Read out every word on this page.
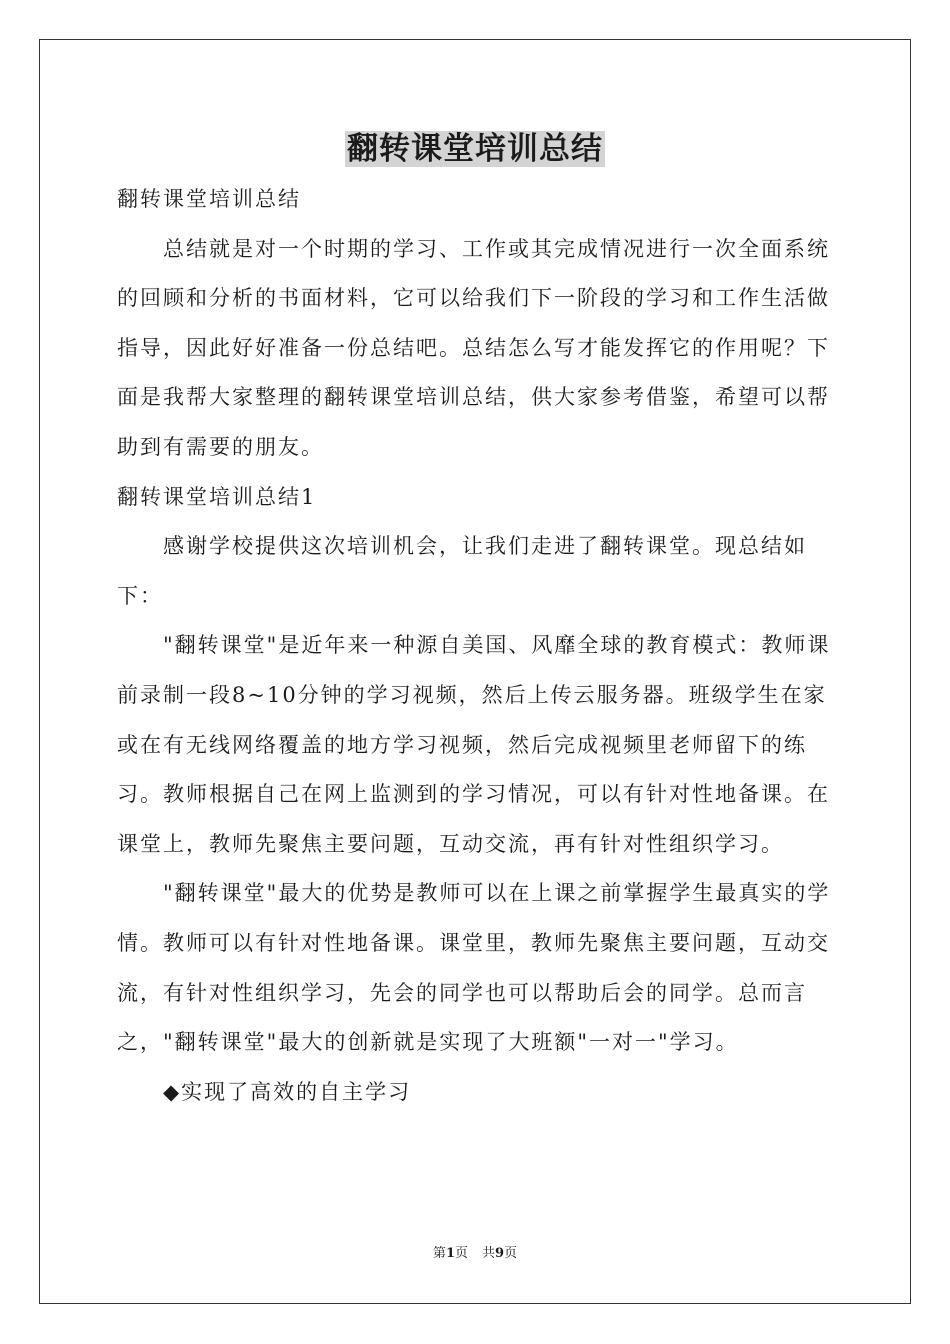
翻转课堂培训总结

翻转课堂培训总结

总结就是对一个时期的学习、工作或其完成情况进行一次全面系统的回顾和分析的书面材料，它可以给我们下一阶段的学习和工作生活做指导，因此好好准备一份总结吧。总结怎么写才能发挥它的作用呢？下面是我帮大家整理的翻转课堂培训总结，供大家参考借鉴，希望可以帮助到有需要的朋友。

翻转课堂培训总结1

感谢学校提供这次培训机会，让我们走进了翻转课堂。现总结如下：

"翻转课堂"是近年来一种源自美国、风靡全球的教育模式：教师课前录制一段8~10分钟的学习视频，然后上传云服务器。班级学生在家或在有无线网络覆盖的地方学习视频，然后完成视频里老师留下的练习。教师根据自己在网上监测到的学习情况，可以有针对性地备课。在课堂上，教师先聚焦主要问题，互动交流，再有针对性组织学习。

"翻转课堂"最大的优势是教师可以在上课之前掌握学生最真实的学情。教师可以有针对性地备课。课堂里，教师先聚焦主要问题，互动交流，有针对性组织学习，先会的同学也可以帮助后会的同学。总而言之，"翻转课堂"最大的创新就是实现了大班额"一对一"学习。

◆实现了高效的自主学习

第1页 共9页
